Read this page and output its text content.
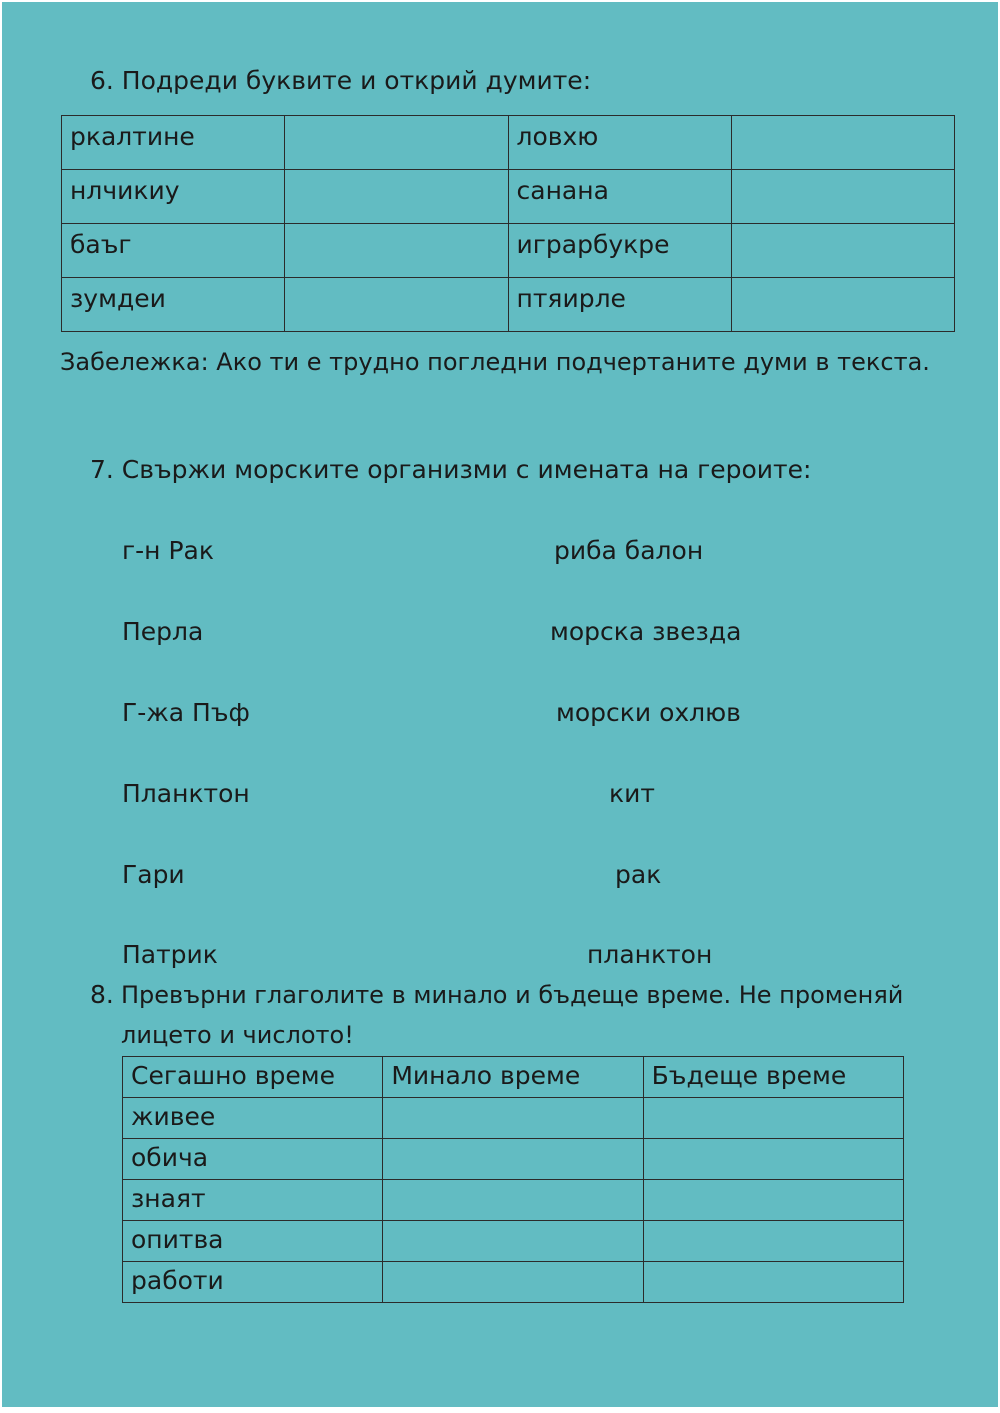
6. Подреди буквите и открий думите:
ркалтине		ловхю	
нлчикиу		санана	
баъг		играрбукре	
зумдеи		птяирле	
Забележка: Ако ти е трудно погледни подчертаните думи в текста.
7. Свържи морските организми с имената на героите:
г-н Рак
Перла
Г-жа Пъф
Планктон
Гари
Патрик
риба балон
морска звезда
морски охлюв
кит
рак
планктон
8. Превърни глаголите в минало и бъдеще време. Не променяй
лицето и числото!
Сегашно време	Минало време	Бъдеще време
живее		
обича		
знаят		
опитва		
работи		
